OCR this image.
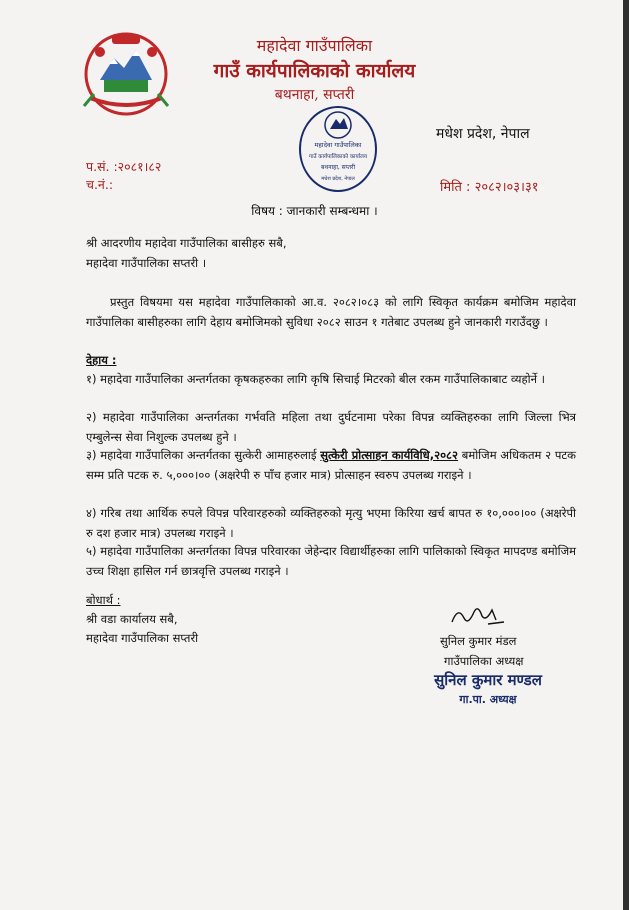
महादेवा गाउँपालिका
गाउँ कार्यपालिकाको कार्यालय
बथनाहा, सप्तरी
मधेश प्रदेश, नेपाल
महादेवा गाउँपालिका
गाउँ कार्यपालिकाको कार्यालय
बथनाहा, सप्तरी
मधेश प्रदेश, नेपाल
प.सं. :२०८१।८२
च.नं.:	मिति : २०८२।०३।३१
विषय : जानकारी सम्बन्धमा ।
श्री आदरणीय महादेवा गाउँपालिका बासीहरु सबै,
महादेवा गाउँपालिका सप्तरी ।
प्रस्तुत विषयमा यस महादेवा गाउँपालिकाको आ.व. २०८२।०८३ को लागि स्विकृत कार्यक्रम बमोजिम महादेवा गाउँपालिका बासीहरुका लागि देहाय बमोजिमको सुविधा २०८२ साउन १ गतेबाट उपलब्ध हुने जानकारी गराउँदछु ।
देहाय :
१) महादेवा गाउँपालिका अन्तर्गतका कृषकहरुका लागि कृषि सिचाई मिटरको बील रकम गाउँपालिकाबाट व्यहोर्ने ।
२) महादेवा गाउँपालिका अन्तर्गतका गर्भवति महिला तथा दुर्घटनामा परेका विपन्न व्यक्तिहरुका लागि जिल्ला भित्र एम्बुलेन्स सेवा निशुल्क उपलब्ध हुने ।
३) महादेवा गाउँपालिका अन्तर्गतका सुत्केरी आमाहरुलाई सुत्केरी प्रोत्साहन कार्यविधि,२०८२ बमोजिम अधिकतम २ पटक सम्म प्रति पटक रु. ५,०००।०० (अक्षरेपी रु पाँच हजार मात्र) प्रोत्साहन स्वरुप उपलब्ध गराइने ।
४) गरिब तथा आर्थिक रुपले विपन्न परिवारहरुको व्यक्तिहरुको मृत्यु भएमा किरिया खर्च बापत रु १०,०००।०० (अक्षरेपी रु दश हजार मात्र) उपलब्ध गराइने ।
५) महादेवा गाउँपालिका अन्तर्गतका विपन्न परिवारका जेहेन्दार विद्यार्थीहरुका लागि पालिकाको स्विकृत मापदण्ड बमोजिम उच्च शिक्षा हासिल गर्न छात्रवृत्ति उपलब्ध गराइने ।
बोधार्थ :
श्री वडा कार्यालय सबै,
महादेवा गाउँपालिका सप्तरी	सुनिल कुमार मंडल
गाउँपालिका अध्यक्ष
सुनिल कुमार मण्डल
गा.पा. अध्यक्ष
